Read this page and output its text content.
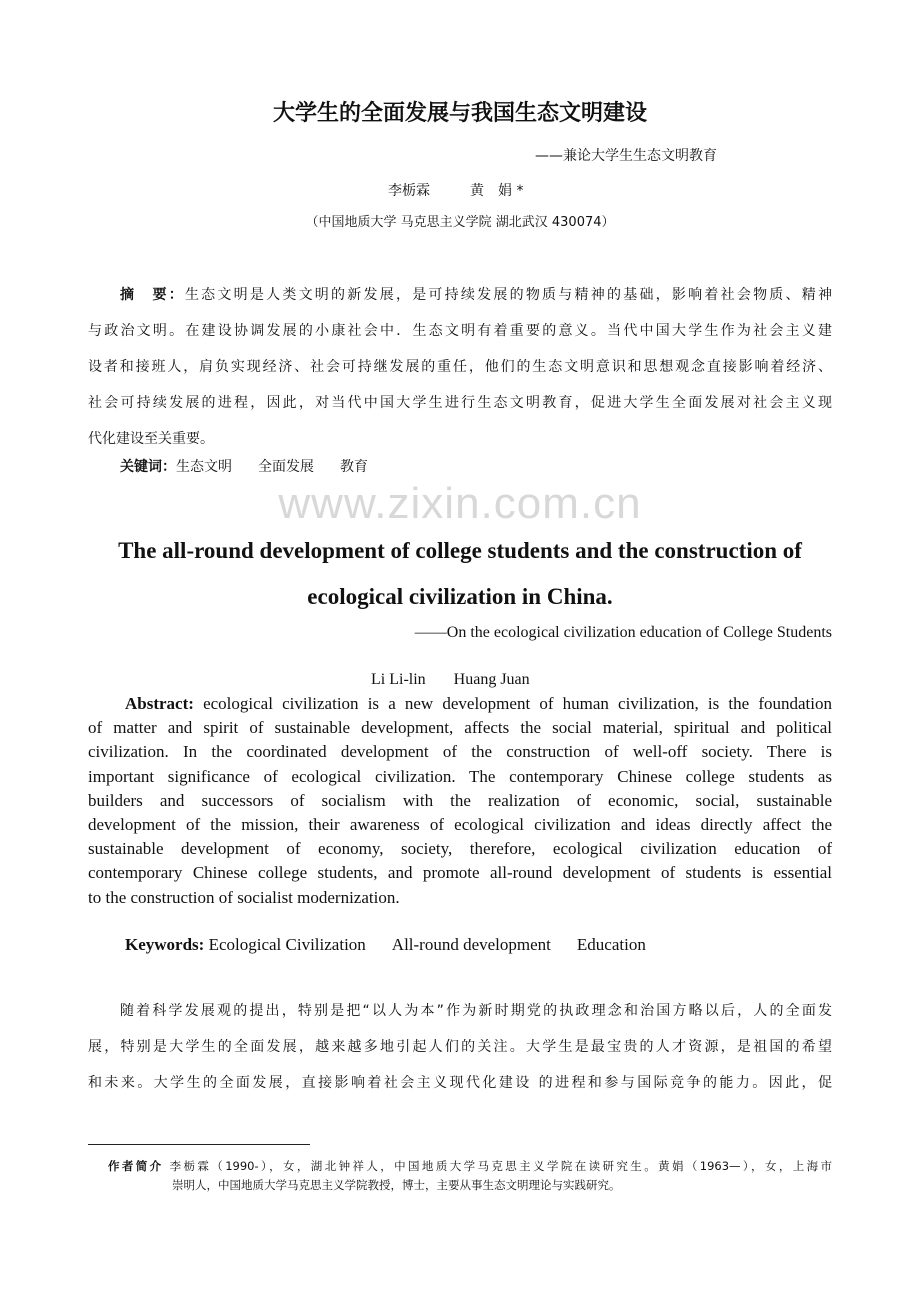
大学生的全面发展与我国生态文明建设
——兼论大学生生态文明教育
李栃霖	黄　娟 *
（中国地质大学 马克思主义学院 湖北武汉 430074）
摘　要：生态文明是人类文明的新发展，是可持续发展的物质与精神的基础，影响着社会物质、精神
与政治文明。在建设协调发展的小康社会中．生态文明有着重要的意义。当代中国大学生作为社会主义建
设者和接班人，肩负实现经济、社会可持继发展的重任，他们的生态文明意识和思想观念直接影响着经济、
社会可持续发展的进程，因此，对当代中国大学生进行生态文明教育，促进大学生全面发展对社会主义现
代化建设至关重要。
关键词：生态文明 全面发展 教育
www.zixin.com.cn
The all-round development of college students and the construction of
ecological civilization in China.
——On the ecological civilization education of College Students
Li Li-lin Huang Juan
Abstract: ecological civilization is a new development of human civilization, is the foundation
of matter and spirit of sustainable development, affects the social material, spiritual and political
civilization. In the coordinated development of the construction of well-off society. There is
important significance of ecological civilization. The contemporary Chinese college students as
builders and successors of socialism with the realization of economic, social, sustainable
development of the mission, their awareness of ecological civilization and ideas directly affect the
sustainable development of economy, society, therefore, ecological civilization education of
contemporary Chinese college students, and promote all-round development of students is essential
to the construction of socialist modernization.
Keywords: Ecological Civilization All-round development Education
随着科学发展观的提出，特别是把“以人为本”作为新时期党的执政理念和治国方略以后，人的全面发
展，特别是大学生的全面发展，越来越多地引起人们的关注。大学生是最宝贵的人才资源，是祖国的希望
和未来。大学生的全面发展，直接影响着社会主义现代化建设 的进程和参与国际竞争的能力。因此，促
作者简介 李栃霖（1990-），女，湖北钟祥人，中国地质大学马克思主义学院在读研究生。黄娟（1963—），女，上海市
崇明人，中国地质大学马克思主义学院教授，博士，主要从事生态文明理论与实践研究。
